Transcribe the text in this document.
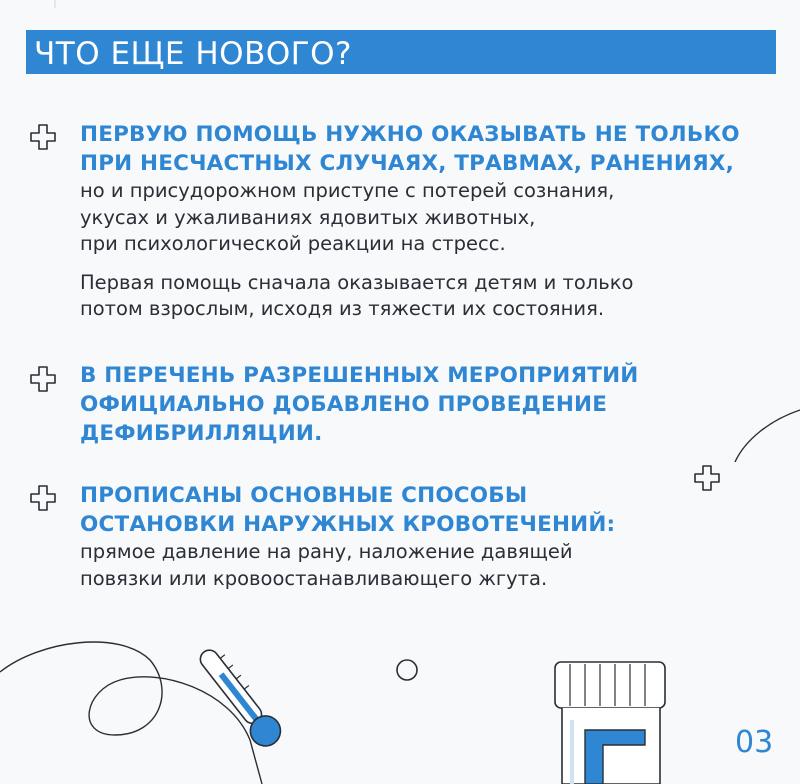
ЧТО ЕЩЕ НОВОГО?
ПЕРВУЮ ПОМОЩЬ НУЖНО ОКАЗЫВАТЬ НЕ ТОЛЬКО
ПРИ НЕСЧАСТНЫХ СЛУЧАЯХ, ТРАВМАХ, РАНЕНИЯХ,
но и присудорожном приступе с потерей сознания,
укусах и ужаливаниях ядовитых животных,
при психологической реакции на стресс.
Первая помощь сначала оказывается детям и только
потом взрослым, исходя из тяжести их состояния.
В ПЕРЕЧЕНЬ РАЗРЕШЕННЫХ МЕРОПРИЯТИЙ
ОФИЦИАЛЬНО ДОБАВЛЕНО ПРОВЕДЕНИЕ
ДЕФИБРИЛЛЯЦИИ.
ПРОПИСАНЫ ОСНОВНЫЕ СПОСОБЫ
ОСТАНОВКИ НАРУЖНЫХ КРОВОТЕЧЕНИЙ:
прямое давление на рану, наложение давящей
повязки или кровоостанавливающего жгута.
03
